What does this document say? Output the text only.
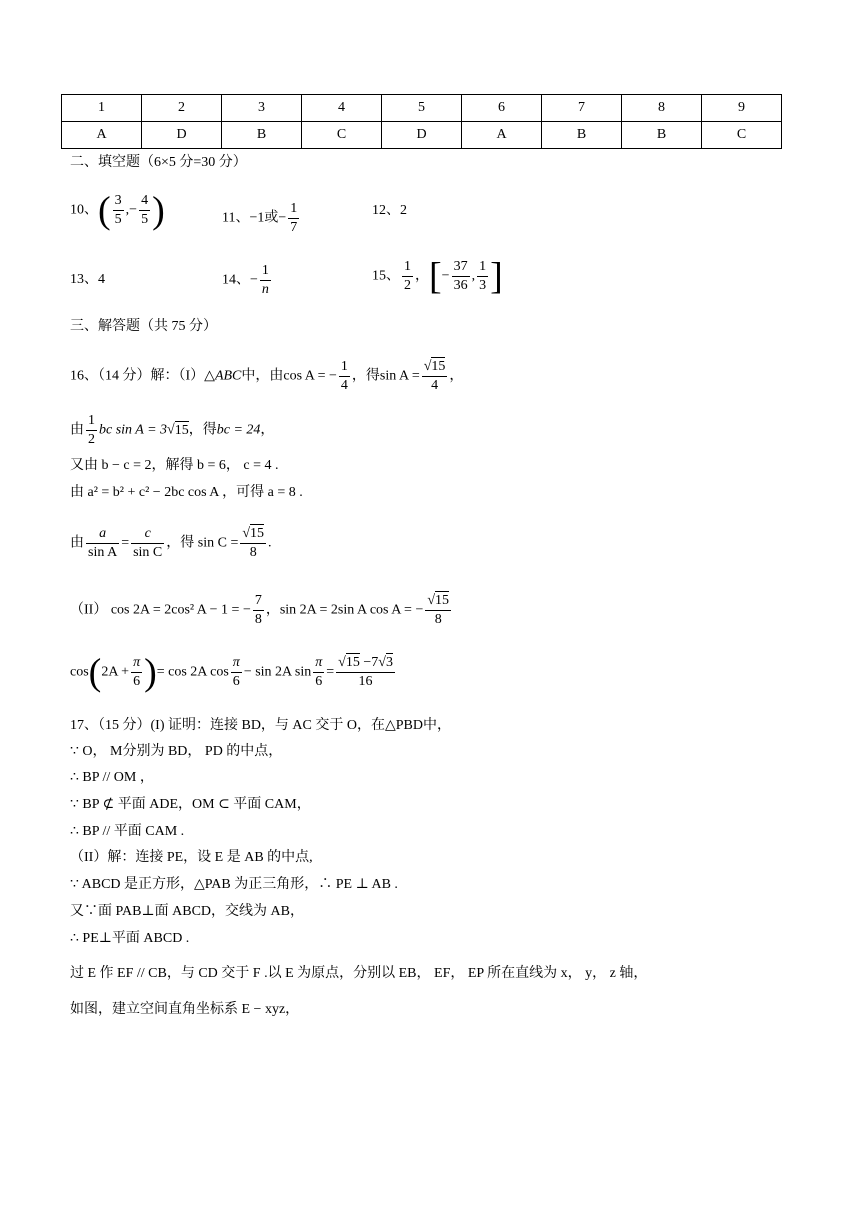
1	2	3	4	5	6	7	8	9
A	D	B	C	D	A	B	B	C
二、填空题（6×5 分=30 分）
10、( $\frac{3}{5}$ ,− $\frac{4}{5}$ )	11、−1或− $\frac{1}{7}$	12、2
13、4	14、− $\frac{1}{n}$	15、 $\frac{1}{2}$ ，[− $\frac{37}{36}$ , $\frac{1}{3}$ ]
三、解答题（共 75 分）
16、（14 分）解：（I）△ABC中，由cos A = − $\frac{1}{4}$ ，得$\sin A = \frac{√15}{4}$ ，
由 $\frac{1}{2}$ bc sin A = 3√15，得bc = 24，
又由 b − c = 2，解得 b = 6， c = 4 .
由 a² = b² + c² − 2bc cos A ，可得 a = 8 .
由 $\frac{a}{\text{sin A}} = \frac{c}{\text{sin C}}$ ，得 $\sin C = \frac{√15}{8}$ .
（II） cos 2A = 2cos² A − 1 = − $\frac{7}{8}$ ，sin 2A = 2sin A cos A = − $\frac{√15}{8}$
$\cos(2A + \frac{\pi}{6}$ )= cos 2A $\cos \frac{\pi}{6} - \sin 2A$ $\sin \frac{\pi}{6} = \frac{√15 -7√3}{16}$
17、（15 分）(I) 证明：连接 BD，与 AC 交于 O，在△PBD中，
∵ O， M分别为 BD， PD 的中点，
∴ BP // OM ，
∵ BP ⊄ 平面 ADE，OM ⊂ 平面 CAM，
∴ BP // 平面 CAM .
（II）解：连接 PE，设 E 是 AB 的中点,
∵ ABCD 是正方形，△PAB 为正三角形，∴ PE ⊥ AB .
又∵面 PAB⊥面 ABCD，交线为 AB，
∴ PE⊥平面 ABCD .
过 E 作 EF // CB，与 CD 交于 F .以 E 为原点，分别以 EB， EF， EP 所在直线为 x， y， z 轴，
如图，建立空间直角坐标系 E − xyz，
